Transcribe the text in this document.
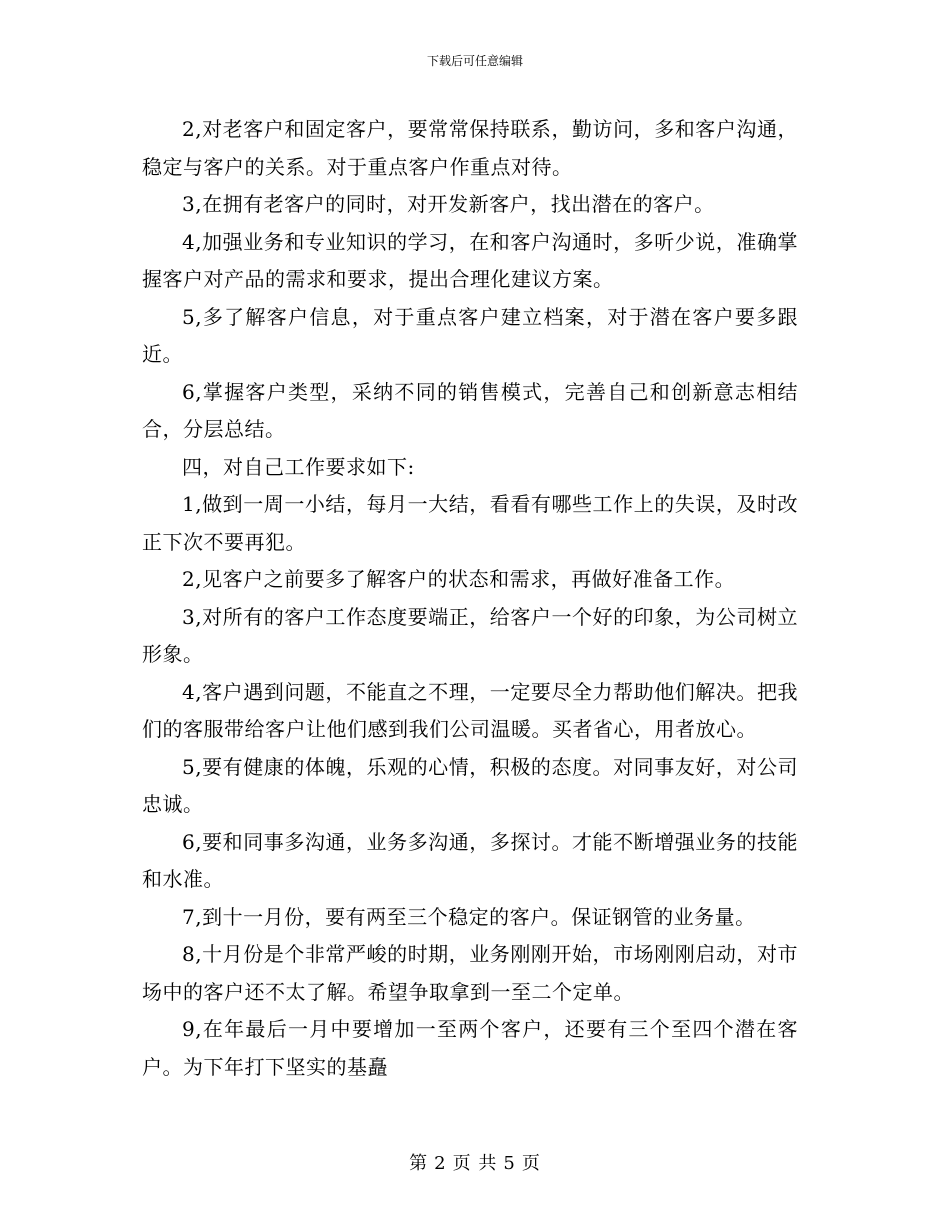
下载后可任意编辑

2,对老客户和固定客户，要常常保持联系，勤访问，多和客户沟通，稳定与客户的关系。对于重点客户作重点对待。

3,在拥有老客户的同时，对开发新客户，找出潜在的客户。

4,加强业务和专业知识的学习，在和客户沟通时，多听少说，准确掌握客户对产品的需求和要求，提出合理化建议方案。

5,多了解客户信息，对于重点客户建立档案，对于潜在客户要多跟近。

6,掌握客户类型，采纳不同的销售模式，完善自己和创新意志相结合，分层总结。

四，对自己工作要求如下:

1,做到一周一小结，每月一大结，看看有哪些工作上的失误，及时改正下次不要再犯。

2,见客户之前要多了解客户的状态和需求，再做好准备工作。

3,对所有的客户工作态度要端正，给客户一个好的印象，为公司树立形象。

4,客户遇到问题，不能直之不理，一定要尽全力帮助他们解决。把我们的客服带给客户让他们感到我们公司温暖。买者省心，用者放心。

5,要有健康的体魄，乐观的心情，积极的态度。对同事友好，对公司忠诚。

6,要和同事多沟通，业务多沟通，多探讨。才能不断增强业务的技能和水准。

7,到十一月份，要有两至三个稳定的客户。保证钢管的业务量。

8,十月份是个非常严峻的时期，业务刚刚开始，市场刚刚启动，对市场中的客户还不太了解。希望争取拿到一至二个定单。

9,在年最后一月中要增加一至两个客户，还要有三个至四个潜在客户。为下年打下坚实的基矗

第 2 页 共 5 页
